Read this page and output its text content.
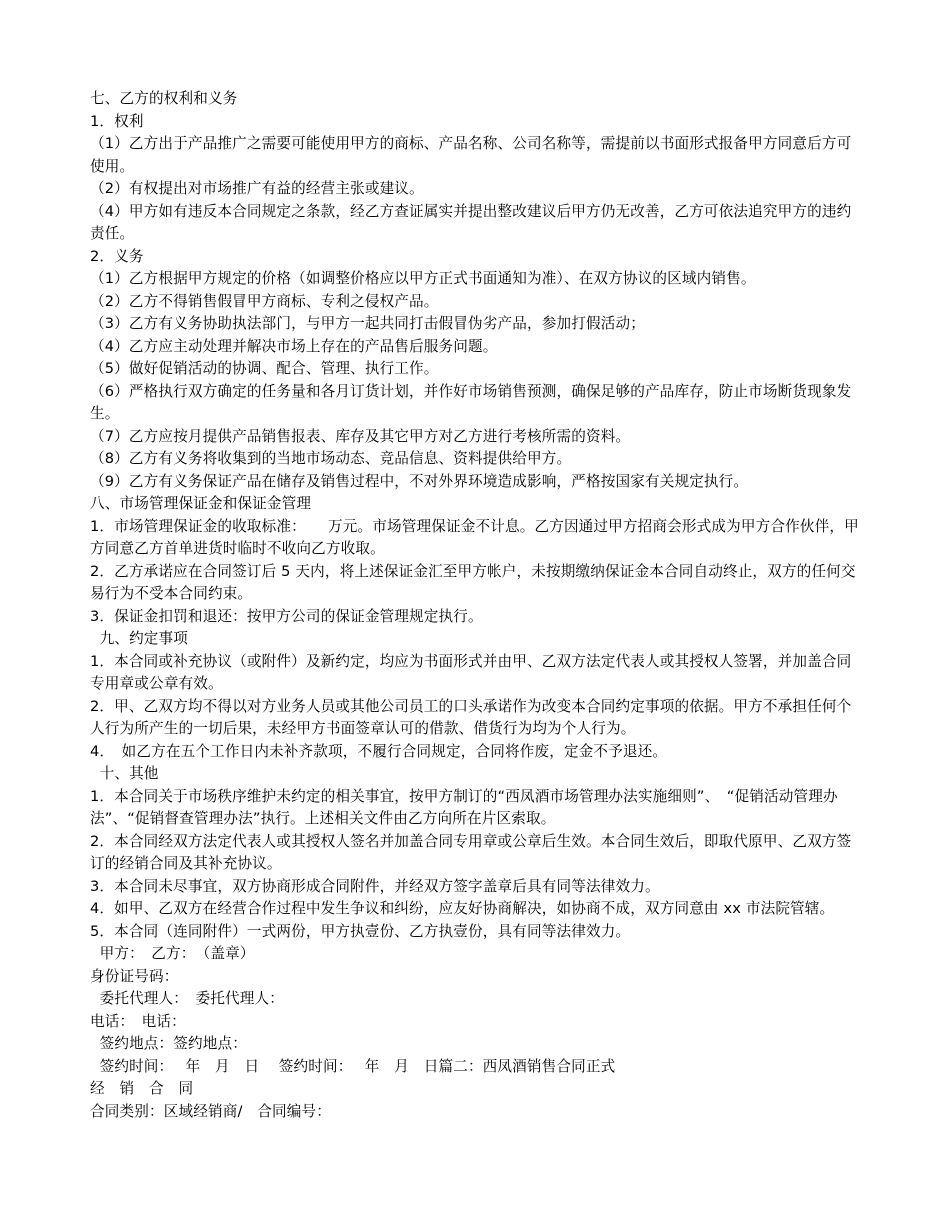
七、乙方的权利和义务

1．权利

（1）乙方出于产品推广之需要可能使用甲方的商标、产品名称、公司名称等，需提前以书面形式报备甲方同意后方可使用。

（2）有权提出对市场推广有益的经营主张或建议。

（4）甲方如有违反本合同规定之条款，经乙方查证属实并提出整改建议后甲方仍无改善，乙方可依法追究甲方的违约责任。

2．义务

（1）乙方根据甲方规定的价格（如调整价格应以甲方正式书面通知为准）、在双方协议的区域内销售。

（2）乙方不得销售假冒甲方商标、专利之侵权产品。

（3）乙方有义务协助执法部门，与甲方一起共同打击假冒伪劣产品，参加打假活动；

（4）乙方应主动处理并解决市场上存在的产品售后服务问题。

（5）做好促销活动的协调、配合、管理、执行工作。

（6）严格执行双方确定的任务量和各月订货计划，并作好市场销售预测，确保足够的产品库存，防止市场断货现象发生。

（7）乙方应按月提供产品销售报表、库存及其它甲方对乙方进行考核所需的资料。

（8）乙方有义务将收集到的当地市场动态、竞品信息、资料提供给甲方。

（9）乙方有义务保证产品在储存及销售过程中，不对外界环境造成影响，严格按国家有关规定执行。

八、市场管理保证金和保证金管理

1．市场管理保证金的收取标准：　　万元。市场管理保证金不计息。乙方因通过甲方招商会形式成为甲方合作伙伴，甲方同意乙方首单进货时临时不收向乙方收取。

2．乙方承诺应在合同签订后 5 天内，将上述保证金汇至甲方帐户，未按期缴纳保证金本合同自动终止，双方的任何交易行为不受本合同约束。

3．保证金扣罚和退还：按甲方公司的保证金管理规定执行。

九、约定事项

1．本合同或补充协议（或附件）及新约定，均应为书面形式并由甲、乙双方法定代表人或其授权人签署，并加盖合同专用章或公章有效。

2．甲、乙双方均不得以对方业务人员或其他公司员工的口头承诺作为改变本合同约定事项的依据。甲方不承担任何个人行为所产生的一切后果，未经甲方书面签章认可的借款、借货行为均为个人行为。

4．　如乙方在五个工作日内未补齐款项，不履行合同规定，合同将作废，定金不予退还。

十、其他

1．本合同关于市场秩序维护未约定的相关事宜，按甲方制订的“西凤酒市场管理办法实施细则”、　“促销活动管理办法”、“促销督查管理办法”执行。上述相关文件由乙方向所在片区索取。

2．本合同经双方法定代表人或其授权人签名并加盖合同专用章或公章后生效。本合同生效后，即取代原甲、乙双方签订的经销合同及其补充协议。

3．本合同未尽事宜，双方协商形成合同附件，并经双方签字盖章后具有同等法律效力。

4．如甲、乙双方在经营合作过程中发生争议和纠纷，应友好协商解决，如协商不成，双方同意由 xx 市法院管辖。

5．本合同（连同附件）一式两份，甲方执壹份、乙方执壹份，具有同等法律效力。

甲方：　乙方：　（盖章）

身份证号码：

委托代理人：　委托代理人：

电话：　电话：

签约地点：签约地点：

签约时间：　 年　月　日　 签约时间：　 年　月　日篇二：西凤酒销售合同正式

经　销　合　同

合同类别：区域经销商/　合同编号：
